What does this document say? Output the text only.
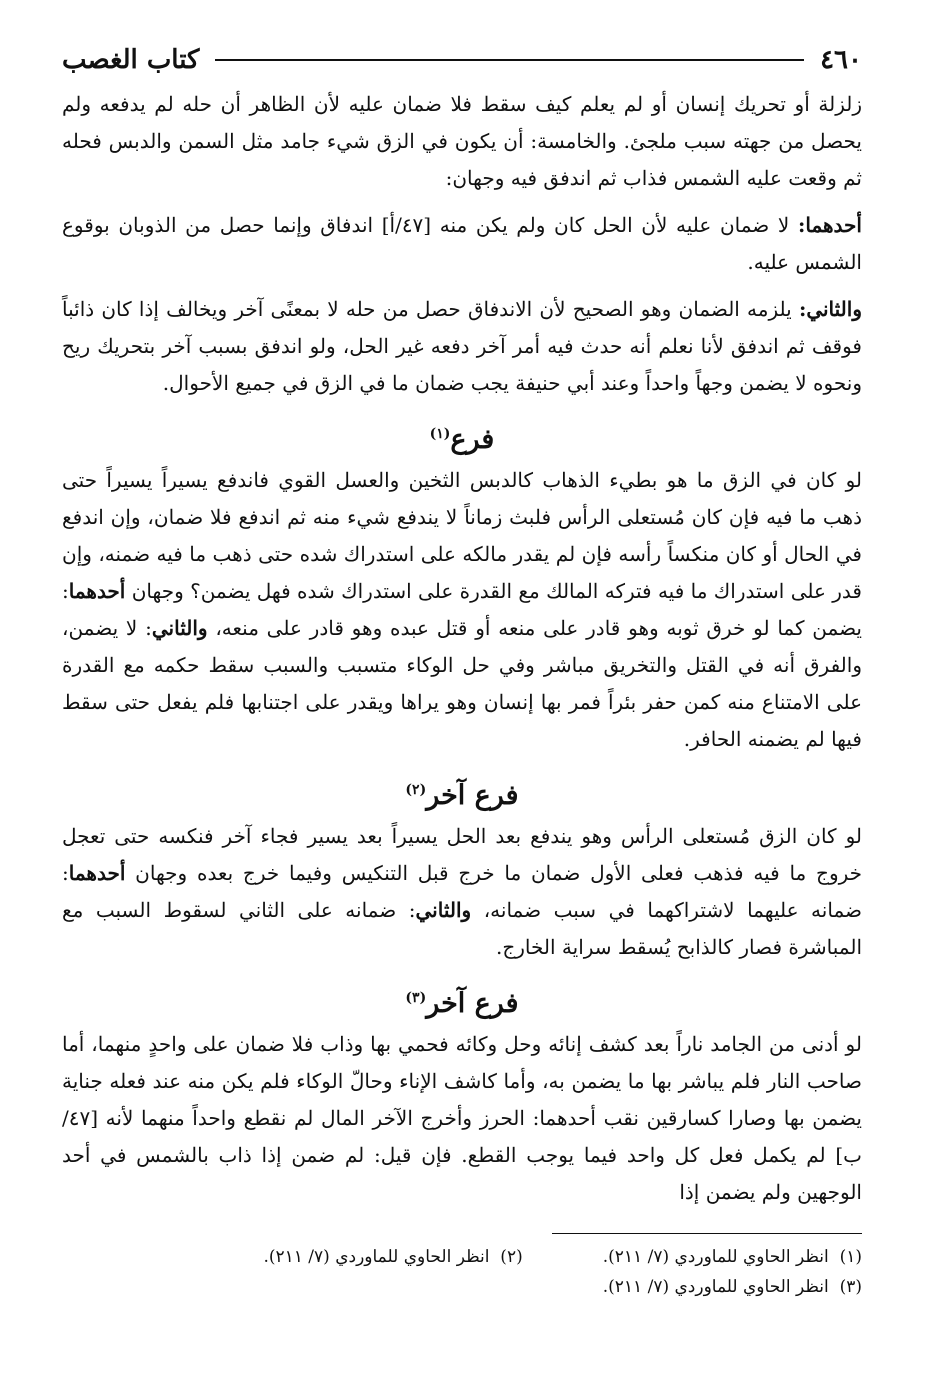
٤٦٠
كتاب الغصب

زلزلة أو تحريك إنسان أو لم يعلم كيف سقط فلا ضمان عليه لأن الظاهر أن حله لم يدفعه ولم يحصل من جهته سبب ملجئ. والخامسة: أن يكون في الزق شيء جامد مثل السمن والدبس فحله ثم وقعت عليه الشمس فذاب ثم اندفق فيه وجهان:

أحدهما: لا ضمان عليه لأن الحل كان ولم يكن منه [٤٧/أ] اندفاق وإنما حصل من الذوبان بوقوع الشمس عليه.

والثاني: يلزمه الضمان وهو الصحيح لأن الاندفاق حصل من حله لا بمعنًى آخر ويخالف إذا كان ذائباً فوقف ثم اندفق لأنا نعلم أنه حدث فيه أمر آخر دفعه غير الحل، ولو اندفق بسبب آخر بتحريك ريح ونحوه لا يضمن وجهاً واحداً وعند أبي حنيفة يجب ضمان ما في الزق في جميع الأحوال.

فرع$^{(١)}$

لو كان في الزق ما هو بطيء الذهاب كالدبس الثخين والعسل القوي فاندفع يسيراً يسيراً حتى ذهب ما فيه فإن كان مُستعلى الرأس فلبث زماناً لا يندفع شيء منه ثم اندفع فلا ضمان، وإن اندفع في الحال أو كان منكساً رأسه فإن لم يقدر مالكه على استدراك شده حتى ذهب ما فيه ضمنه، وإن قدر على استدراك ما فيه فتركه المالك مع القدرة على استدراك شده فهل يضمن؟ وجهان أحدهما: يضمن كما لو خرق ثوبه وهو قادر على منعه أو قتل عبده وهو قادر على منعه، والثاني: لا يضمن، والفرق أنه في القتل والتخريق مباشر وفي حل الوكاء متسبب والسبب سقط حكمه مع القدرة على الامتناع منه كمن حفر بئراً فمر بها إنسان وهو يراها ويقدر على اجتنابها فلم يفعل حتى سقط فيها لم يضمنه الحافر.

فرع آخر$^{(٢)}$

لو كان الزق مُستعلى الرأس وهو يندفع بعد الحل يسيراً بعد يسير فجاء آخر فنكسه حتى تعجل خروج ما فيه فذهب فعلى الأول ضمان ما خرج قبل التنكيس وفيما خرج بعده وجهان أحدهما: ضمانه عليهما لاشتراكهما في سبب ضمانه، والثاني: ضمانه على الثاني لسقوط السبب مع المباشرة فصار كالذابح يُسقط سراية الخارج.

فرع آخر$^{(٣)}$

لو أدنى من الجامد ناراً بعد كشف إنائه وحل وكائه فحمي بها وذاب فلا ضمان على واحدٍ منهما، أما صاحب النار فلم يباشر بها ما يضمن به، وأما كاشف الإناء وحالّ الوكاء فلم يكن منه عند فعله جناية يضمن بها وصارا كسارقين نقب أحدهما: الحرز وأخرج الآخر المال لم نقطع واحداً منهما لأنه [٤٧/ب] لم يكمل فعل كل واحد فيما يوجب القطع. فإن قيل: لم ضمن إذا ذاب بالشمس في أحد الوجهين ولم يضمن إذا

(١)  انظر الحاوي للماوردي (٧/ ٢١١).
(٢)  انظر الحاوي للماوردي (٧/ ٢١١).
(٣)  انظر الحاوي للماوردي (٧/ ٢١١).
